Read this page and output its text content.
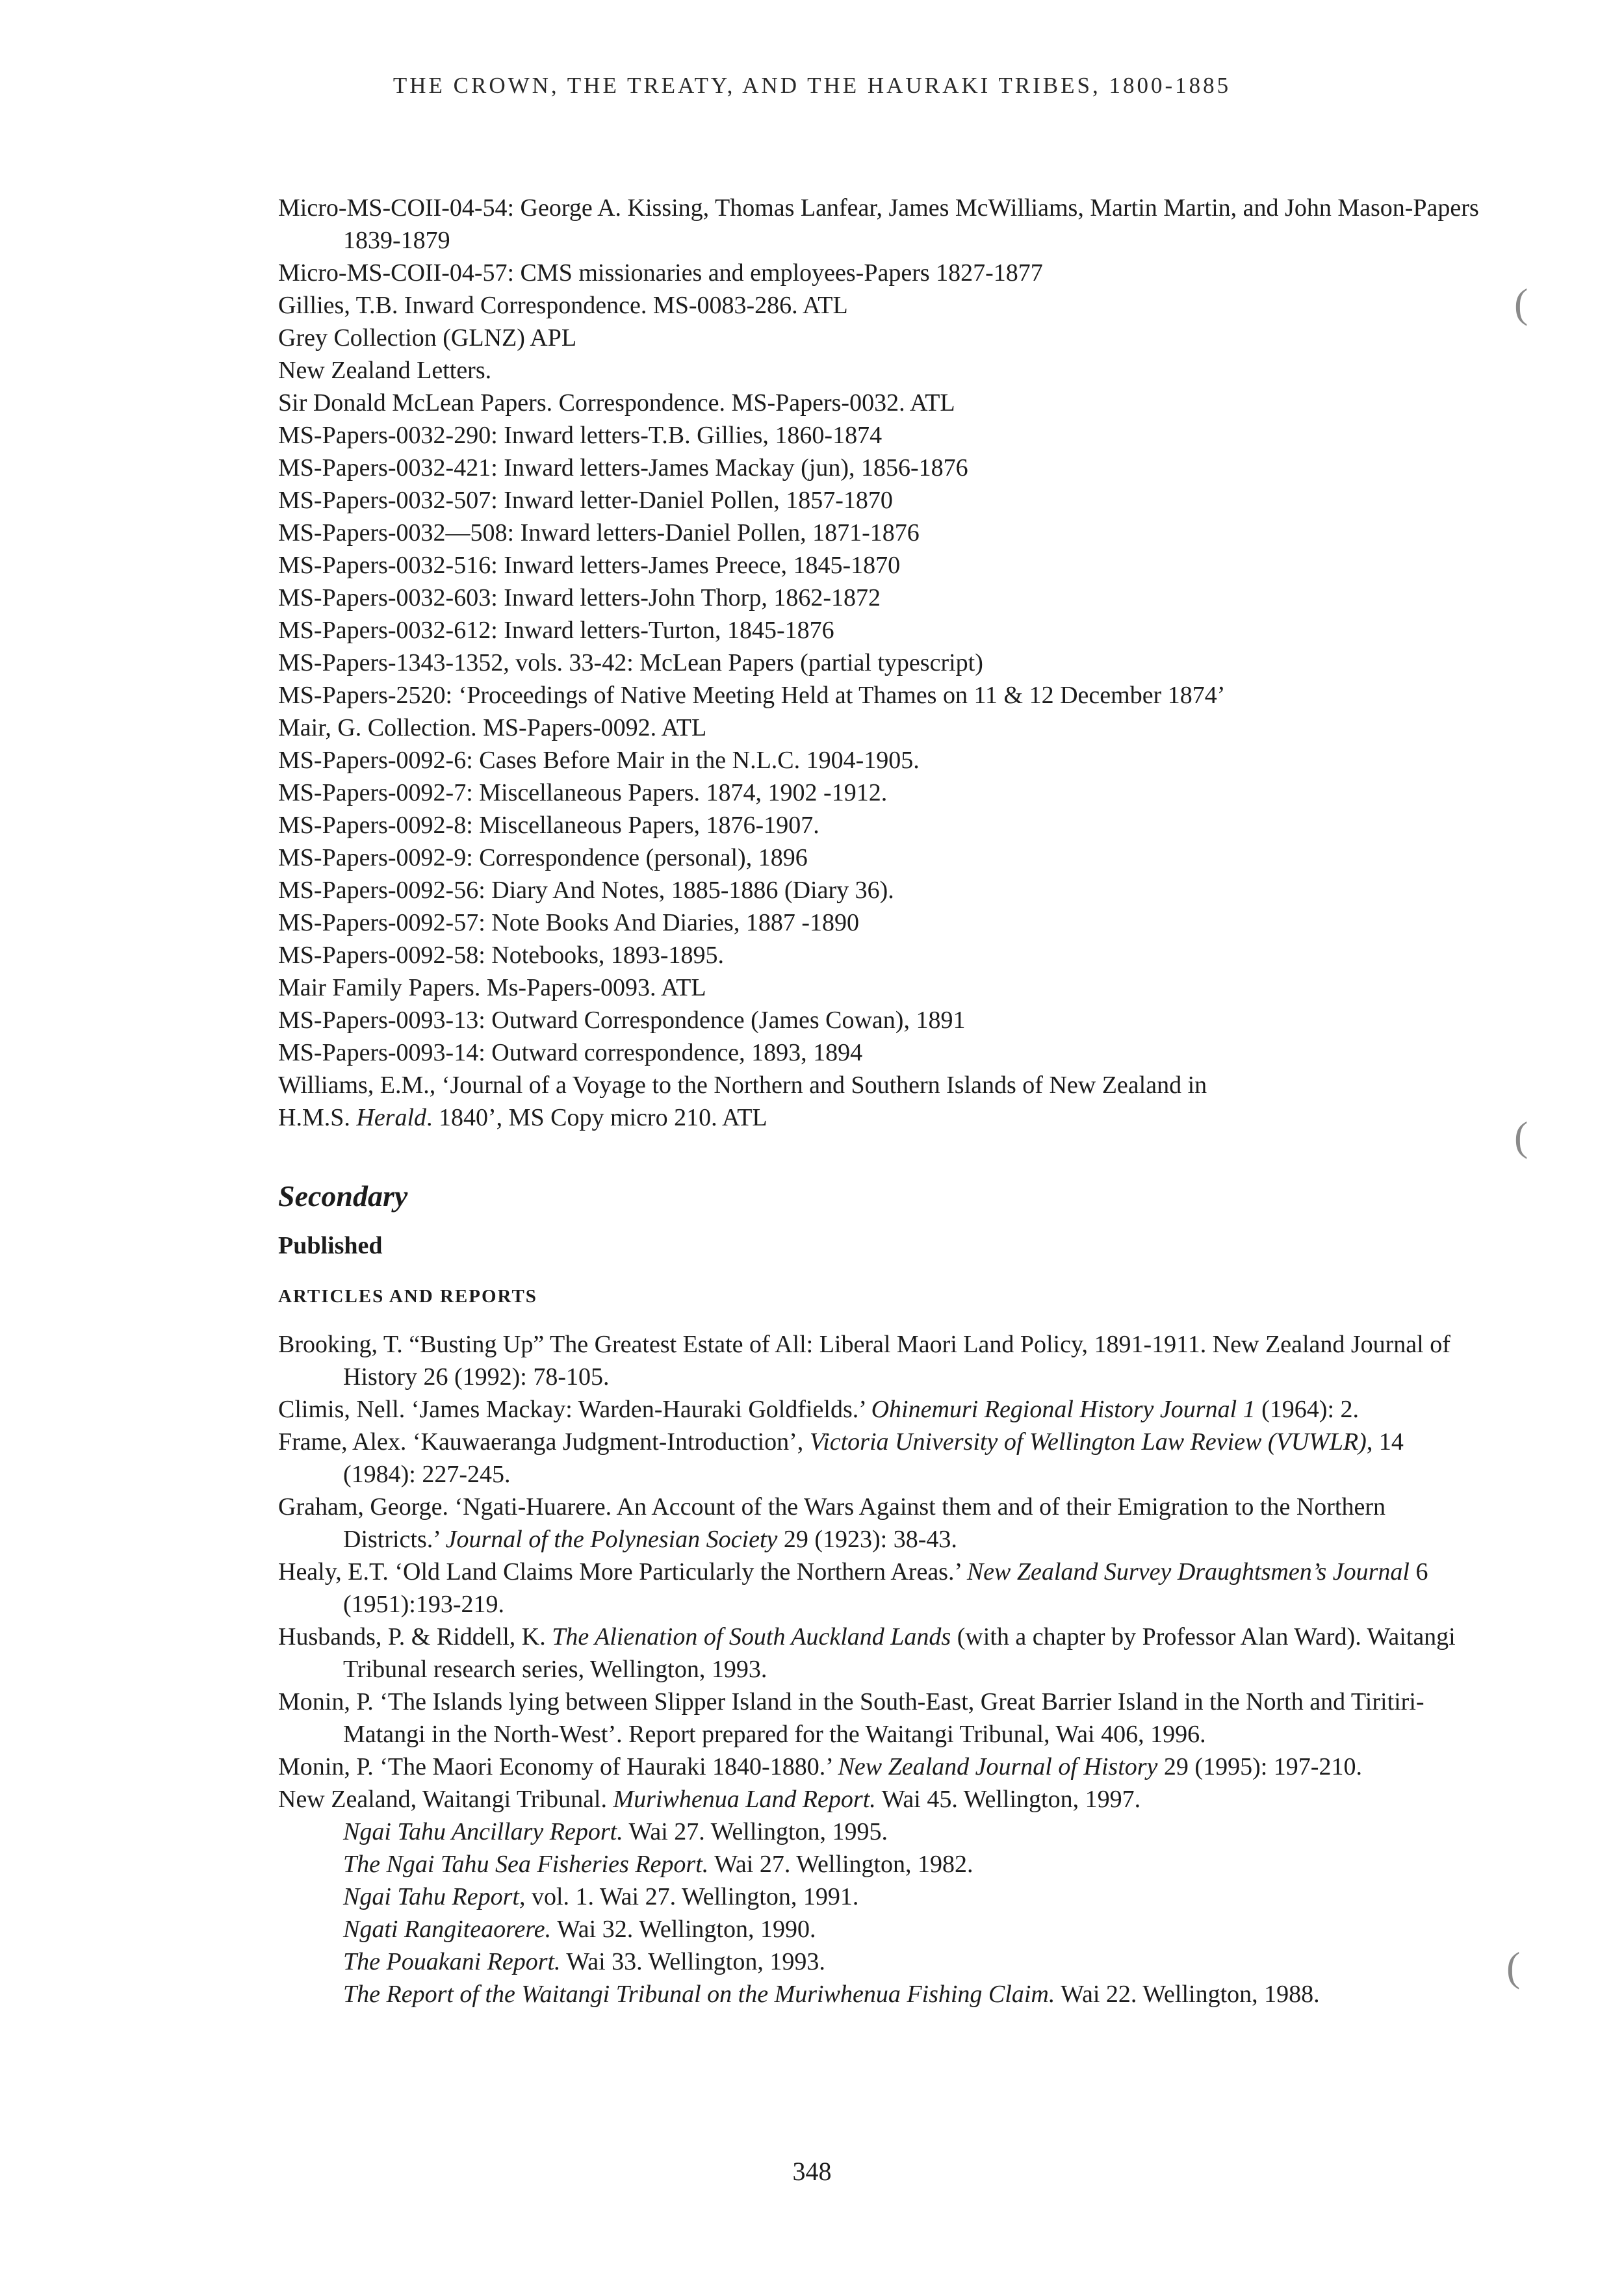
THE CROWN, THE TREATY, AND THE HAURAKI TRIBES, 1800-1885

Micro-MS-COII-04-54: George A. Kissing, Thomas Lanfear, James McWilliams, Martin Martin, and John Mason-Papers 1839-1879

Micro-MS-COII-04-57: CMS missionaries and employees-Papers 1827-1877

Gillies, T.B. Inward Correspondence. MS-0083-286. ATL

Grey Collection (GLNZ) APL

New Zealand Letters.

Sir Donald McLean Papers. Correspondence. MS-Papers-0032. ATL

MS-Papers-0032-290: Inward letters-T.B. Gillies, 1860-1874

MS-Papers-0032-421: Inward letters-James Mackay (jun), 1856-1876

MS-Papers-0032-507: Inward letter-Daniel Pollen, 1857-1870

MS-Papers-0032—508: Inward letters-Daniel Pollen, 1871-1876

MS-Papers-0032-516: Inward letters-James Preece, 1845-1870

MS-Papers-0032-603: Inward letters-John Thorp, 1862-1872

MS-Papers-0032-612: Inward letters-Turton, 1845-1876

MS-Papers-1343-1352, vols. 33-42: McLean Papers (partial typescript)

MS-Papers-2520: ‘Proceedings of Native Meeting Held at Thames on 11 & 12 December 1874’

Mair, G. Collection. MS-Papers-0092. ATL

MS-Papers-0092-6: Cases Before Mair in the N.L.C. 1904-1905.

MS-Papers-0092-7: Miscellaneous Papers. 1874, 1902 -1912.

MS-Papers-0092-8: Miscellaneous Papers, 1876-1907.

MS-Papers-0092-9: Correspondence (personal), 1896

MS-Papers-0092-56: Diary And Notes, 1885-1886 (Diary 36).

MS-Papers-0092-57: Note Books And Diaries, 1887 -1890

MS-Papers-0092-58: Notebooks, 1893-1895.

Mair Family Papers. Ms-Papers-0093. ATL

MS-Papers-0093-13: Outward Correspondence (James Cowan), 1891

MS-Papers-0093-14: Outward correspondence, 1893, 1894

Williams, E.M., ‘Journal of a Voyage to the Northern and Southern Islands of New Zealand in

H.M.S. Herald. 1840’, MS Copy micro 210. ATL

Secondary
Published
ARTICLES AND REPORTS

Brooking, T. “Busting Up” The Greatest Estate of All: Liberal Maori Land Policy, 1891-1911. New Zealand Journal of History 26 (1992): 78-105.

Climis, Nell. ‘James Mackay: Warden-Hauraki Goldfields.’ Ohinemuri Regional History Journal 1 (1964): 2.

Frame, Alex. ‘Kauwaeranga Judgment-Introduction’, Victoria University of Wellington Law Review (VUWLR), 14 (1984): 227-245.

Graham, George. ‘Ngati-Huarere. An Account of the Wars Against them and of their Emigration to the Northern Districts.’ Journal of the Polynesian Society 29 (1923): 38-43.

Healy, E.T. ‘Old Land Claims More Particularly the Northern Areas.’ New Zealand Survey Draughtsmen’s Journal 6 (1951):193-219.

Husbands, P. & Riddell, K. The Alienation of South Auckland Lands (with a chapter by Professor Alan Ward). Waitangi Tribunal research series, Wellington, 1993.

Monin, P. ‘The Islands lying between Slipper Island in the South-East, Great Barrier Island in the North and Tiritiri-Matangi in the North-West’. Report prepared for the Waitangi Tribunal, Wai 406, 1996.

Monin, P. ‘The Maori Economy of Hauraki 1840-1880.’ New Zealand Journal of History 29 (1995): 197-210.

New Zealand, Waitangi Tribunal. Muriwhenua Land Report. Wai 45. Wellington, 1997.

Ngai Tahu Ancillary Report. Wai 27. Wellington, 1995.

The Ngai Tahu Sea Fisheries Report. Wai 27. Wellington, 1982.

Ngai Tahu Report, vol. 1. Wai 27. Wellington, 1991.

Ngati Rangiteaorere. Wai 32. Wellington, 1990.

The Pouakani Report. Wai 33. Wellington, 1993.

The Report of the Waitangi Tribunal on the Muriwhenua Fishing Claim. Wai 22. Wellington, 1988.

348
(
(
(
